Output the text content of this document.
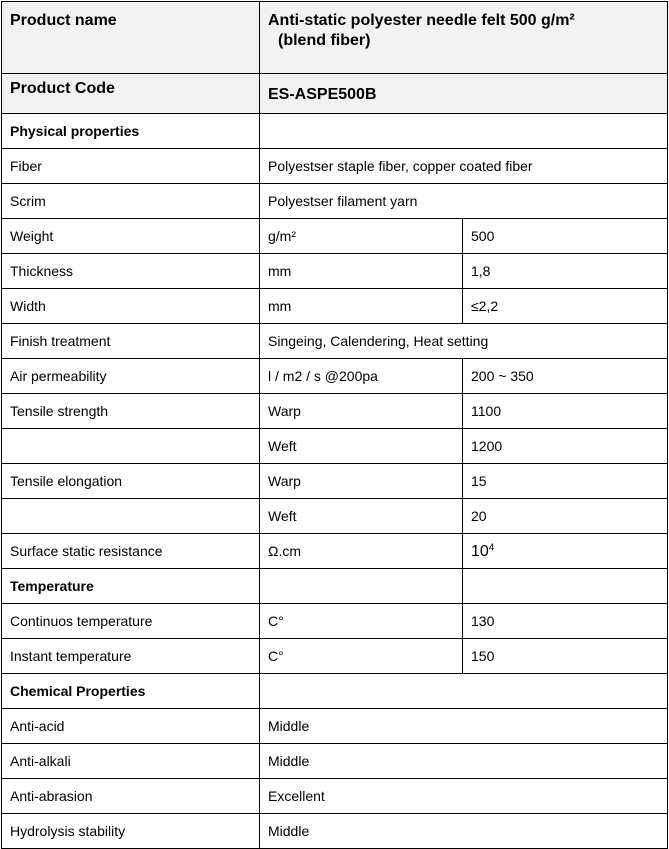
Product name	Anti-static polyester needle felt 500 g/m²
(blend fiber)	

Product Code	ES-ASPE500B	
Physical properties		
Fiber	Polyestser staple fiber, copper coated fiber	
Scrim	Polyestser filament yarn	
Weight	g/m²	500
Thickness	mm	1,8
Width	mm	≤2,2
Finish treatment	Singeing, Calendering, Heat setting	
Air permeability	l / m2 / s @200pa	200 ~ 350
Tensile strength	Warp	1100
	Weft	1200
Tensile elongation	Warp	15
	Weft	20
Surface static resistance	Ω.cm	$10^4$
Temperature		
Continuos temperature	C°	130
Instant temperature	C°	150
Chemical Properties		
Anti-acid	Middle	
Anti-alkali	Middle	
Anti-abrasion	Excellent	
Hydrolysis stability	Middle	
